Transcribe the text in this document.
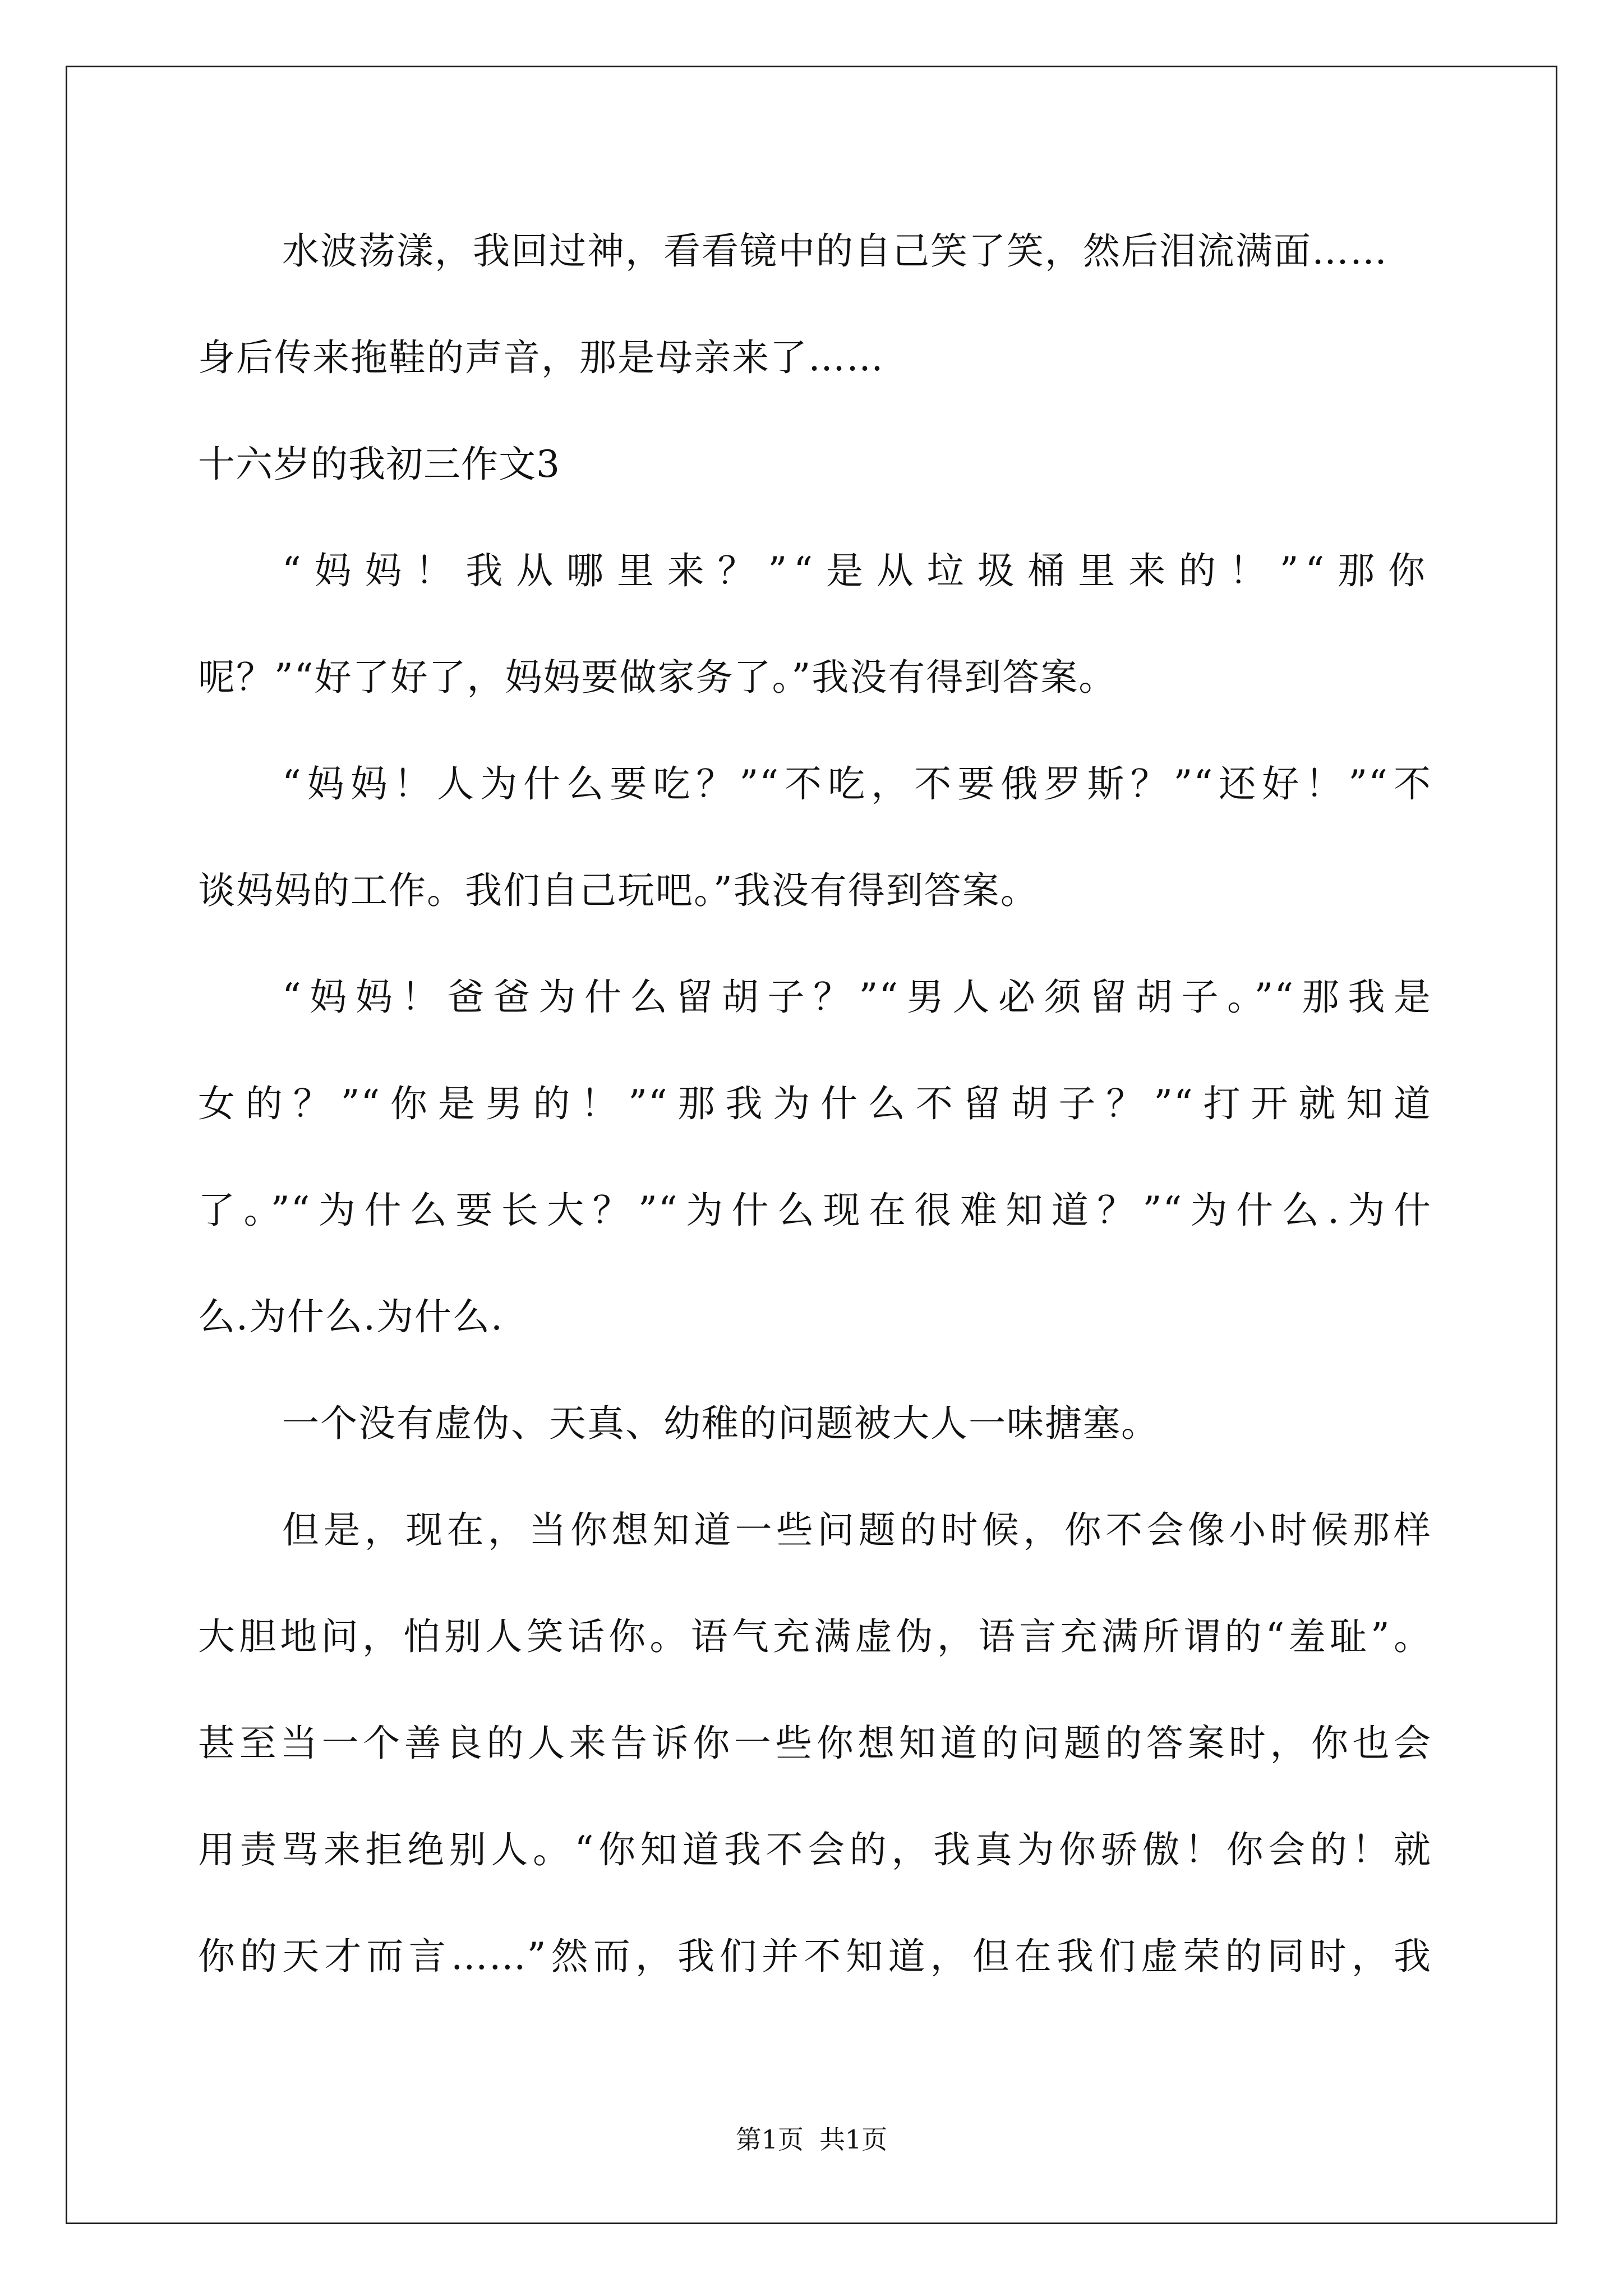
水波荡漾，我回过神，看看镜中的自己笑了笑，然后泪流满面……
身后传来拖鞋的声音，那是母亲来了……
十六岁的我初三作文3
“妈妈！我从哪里来？”“是从垃圾桶里来的！”“那你
呢？”“好了好了，妈妈要做家务了。”我没有得到答案。
“妈妈！人为什么要吃？”“不吃，不要俄罗斯？”“还好！”“不
谈妈妈的工作。我们自己玩吧。”我没有得到答案。
“妈妈！爸爸为什么留胡子？”“男人必须留胡子。”“那我是
女的？”“你是男的！”“那我为什么不留胡子？”“打开就知道
了。”“为什么要长大？”“为什么现在很难知道？”“为什么.为什
么.为什么.为什么.
一个没有虚伪、天真、幼稚的问题被大人一味搪塞。
但是，现在，当你想知道一些问题的时候，你不会像小时候那样
大胆地问，怕别人笑话你。语气充满虚伪，语言充满所谓的“羞耻”。
甚至当一个善良的人来告诉你一些你想知道的问题的答案时，你也会
用责骂来拒绝别人。“你知道我不会的，我真为你骄傲！你会的！就
你的天才而言……”然而，我们并不知道，但在我们虚荣的同时，我
第1页 共1页
